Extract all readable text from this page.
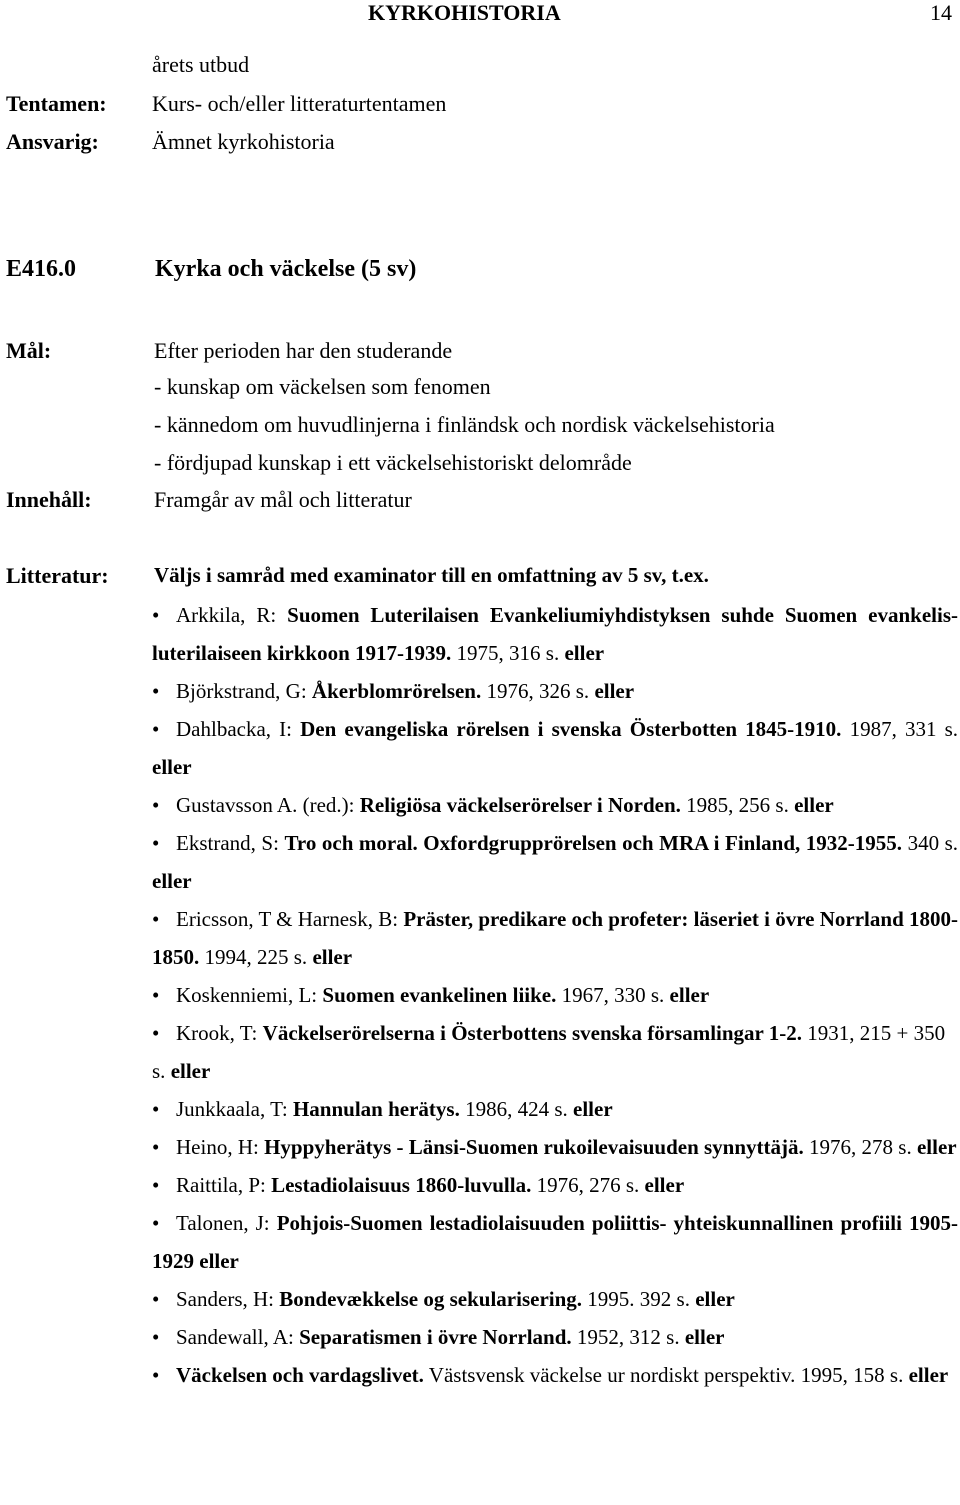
KYRKOHISTORIA	14
årets utbud
Tentamen: Kurs- och/eller litteraturtentamen
Ansvarig: Ämnet kyrkohistoria
E416.0	Kyrka och väckelse (5 sv)
Mål:	Efter perioden har den studerande
- kunskap om väckelsen som fenomen
- kännedom om huvudlinjerna i finländsk och nordisk väckelsehistoria
- fördjupad kunskap i ett väckelsehistoriskt delområde
Innehåll:	Framgår av mål och litteratur
Litteratur: Väljs i samråd med examinator till en omfattning av 5 sv, t.ex.

• Arkkila, R: Suomen Luterilaisen Evankeliumiyhdistyksen suhde Suomen evankelis-luterilaiseen kirkkoon 1917-1939. 1975, 316 s. eller

• Björkstrand, G: Åkerblomrörelsen. 1976, 326 s. eller

• Dahlbacka, I: Den evangeliska rörelsen i svenska Österbotten 1845-1910. 1987, 331 s. eller

• Gustavsson A. (red.): Religiösa väckelserörelser i Norden. 1985, 256 s. eller

• Ekstrand, S: Tro och moral. Oxfordgrupprörelsen och MRA i Finland, 1932-1955. 340 s. eller

• Ericsson, T & Harnesk, B: Präster, predikare och profeter: läseriet i övre Norrland 1800-1850. 1994, 225 s. eller

• Koskenniemi, L: Suomen evankelinen liike. 1967, 330 s. eller

• Krook, T: Väckelserörelserna i Österbottens svenska församlingar 1-2. 1931, 215 + 350 s. eller

• Junkkaala, T: Hannulan herätys. 1986, 424 s. eller

• Heino, H: Hyppyherätys - Länsi-Suomen rukoilevaisuuden synnyttäjä. 1976, 278 s. eller

• Raittila, P: Lestadiolaisuus 1860-luvulla. 1976, 276 s. eller

• Talonen, J: Pohjois-Suomen lestadiolaisuuden poliittis- yhteiskunnallinen profiili 1905-1929 eller

• Sanders, H: Bondevækkelse og sekularisering. 1995. 392 s. eller

• Sandewall, A: Separatismen i övre Norrland. 1952, 312 s. eller

• Väckelsen och vardagslivet. Västsvensk väckelse ur nordiskt perspektiv. 1995, 158 s. eller
